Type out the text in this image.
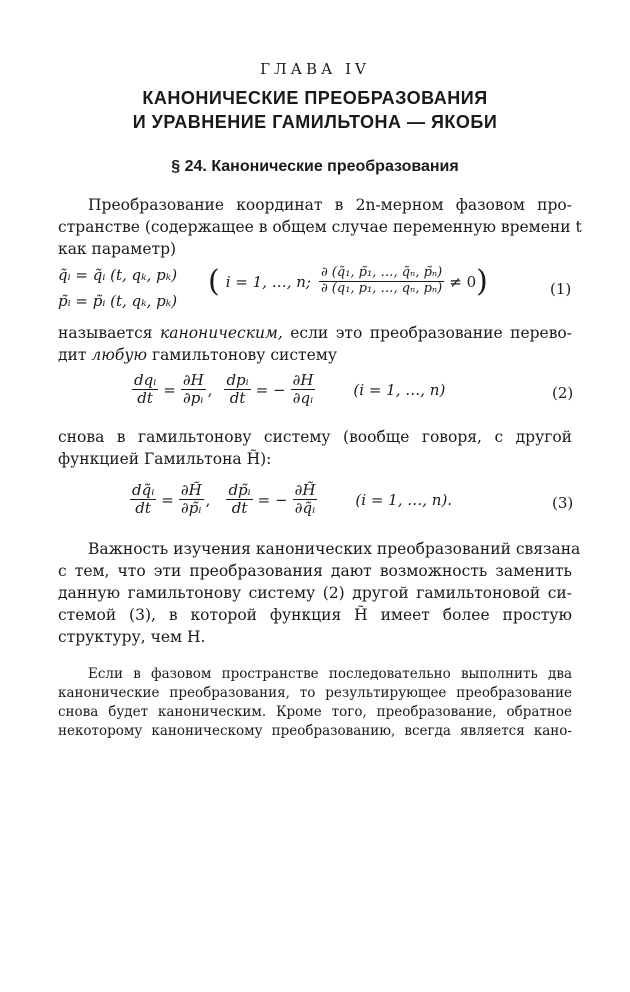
ГЛАВА IV
КАНОНИЧЕСКИЕ ПРЕОБРАЗОВАНИЯ
И УРАВНЕНИЕ ГАМИЛЬТОНА — ЯКОБИ
§ 24. Канонические преобразования
Преобразование координат в 2n-мерном фазовом про-
странстве (содержащее в общем случае переменную времени t
как параметр)
q̃ᵢ = q̃ᵢ (t, qₖ, pₖ)
p̃ᵢ = p̃ᵢ (t, qₖ, pₖ)
( i = 1, …, n; $\frac{\text{∂ (q̃₁, p̃₁, …, q̃ₙ, p̃ₙ)}}{\text{∂ (q₁, p₁, …, qₙ, pₙ)}} \ne 0$ )	(1)
называется каноническим, если это преобразование перево-
дит любую гамильтонову систему
$\frac{\text{dqᵢ}}{dt} = \frac{\partial H}{\text{∂pᵢ}}$ , $\frac{\text{dpᵢ}}{dt}$ = − $\frac{\partial H}{\text{∂qᵢ}}$	(i = 1, …, n)	(2)
снова в гамильтонову систему (вообще говоря, с другой
функцией Гамильтона H̃):
$\frac{\text{dq̃ᵢ}}{dt} = \frac{\partial H̃}{\text{∂p̃ᵢ}}$ , $\frac{\text{dp̃ᵢ}}{dt}$ = − $\frac{\partial H̃}{\text{∂q̃ᵢ}}$	(i = 1, …, n).	(3)
Важность изучения канонических преобразований связана
с тем, что эти преобразования дают возможность заменить
данную гамильтонову систему (2) другой гамильтоновой си-
стемой (3), в которой функция H̃ имеет более простую
структуру, чем H.
Если в фазовом пространстве последовательно выполнить два
канонические преобразования, то результирующее преобразование
снова будет каноническим. Кроме того, преобразование, обратное
некоторому каноническому преобразованию, всегда является кано-
